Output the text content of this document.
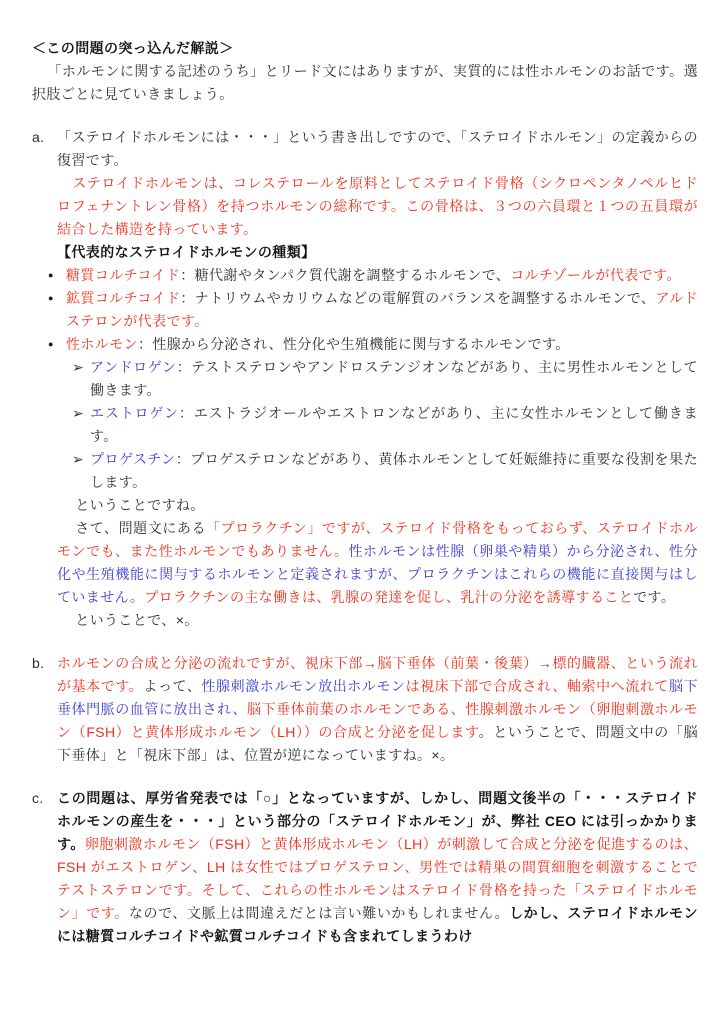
＜この問題の突っ込んだ解説＞
「ホルモンに関する記述のうち」とリード文にはありますが、実質的には性ホルモンのお話です。選択肢ごとに見ていきましょう。
a. 「ステロイドホルモンには・・・」という書き出しですので、「ステロイドホルモン」の定義からの復習です。
ステロイドホルモンは、コレステロールを原料としてステロイド骨格（シクロペンタノペルヒドロフェナントレン骨格）を持つホルモンの総称です。この骨格は、３つの六員環と１つの五員環が結合した構造を持っています。
【代表的なステロイドホルモンの種類】
● 糖質コルチコイド：糖代謝やタンパク質代謝を調整するホルモンで、コルチゾールが代表です。
● 鉱質コルチコイド：ナトリウムやカリウムなどの電解質のバランスを調整するホルモンで、アルドステロンが代表です。
● 性ホルモン：性腺から分泌され、性分化や生殖機能に関与するホルモンです。
➢ アンドロゲン：テストステロンやアンドロステンジオンなどがあり、主に男性ホルモンとして働きます。
➢ エストロゲン：エストラジオールやエストロンなどがあり、主に女性ホルモンとして働きます。
➢ プロゲスチン：プロゲステロンなどがあり、黄体ホルモンとして妊娠維持に重要な役割を果たします。
ということですね。
さて、問題文にある「プロラクチン」ですが、ステロイド骨格をもっておらず、ステロイドホルモンでも、また性ホルモンでもありません。性ホルモンは性腺（卵巣や精巣）から分泌され、性分化や生殖機能に関与するホルモンと定義されますが、プロラクチンはこれらの機能に直接関与はしていません。プロラクチンの主な働きは、乳腺の発達を促し、乳汁の分泌を誘導することです。
ということで、×。
b. ホルモンの合成と分泌の流れですが、視床下部→脳下垂体（前葉・後葉）→標的臓器、という流れが基本です。よって、性腺刺激ホルモン放出ホルモンは視床下部で合成され、軸索中へ流れて脳下垂体門脈の血管に放出され、脳下垂体前葉のホルモンである、性腺刺激ホルモン（卵胞刺激ホルモン（FSH）と黄体形成ホルモン（LH））の合成と分泌を促します。ということで、問題文中の「脳下垂体」と「視床下部」は、位置が逆になっていますね。×。
c. この問題は、厚労省発表では「○」となっていますが、しかし、問題文後半の「・・・ステロイドホルモンの産生を・・・」という部分の「ステロイドホルモン」が、弊社 CEO には引っかかります。卵胞刺激ホルモン（FSH）と黄体形成ホルモン（LH）が刺激して合成と分泌を促進するのは、FSH がエストロゲン、LH は女性ではプロゲステロン、男性では精巣の間質細胞を刺激することでテストステロンです。そして、これらの性ホルモンはステロイド骨格を持った「ステロイドホルモン」です。なので、文脈上は間違えだとは言い難いかもしれません。しかし、ステロイドホルモンには糖質コルチコイドや鉱質コルチコイドも含まれてしまうわけ
